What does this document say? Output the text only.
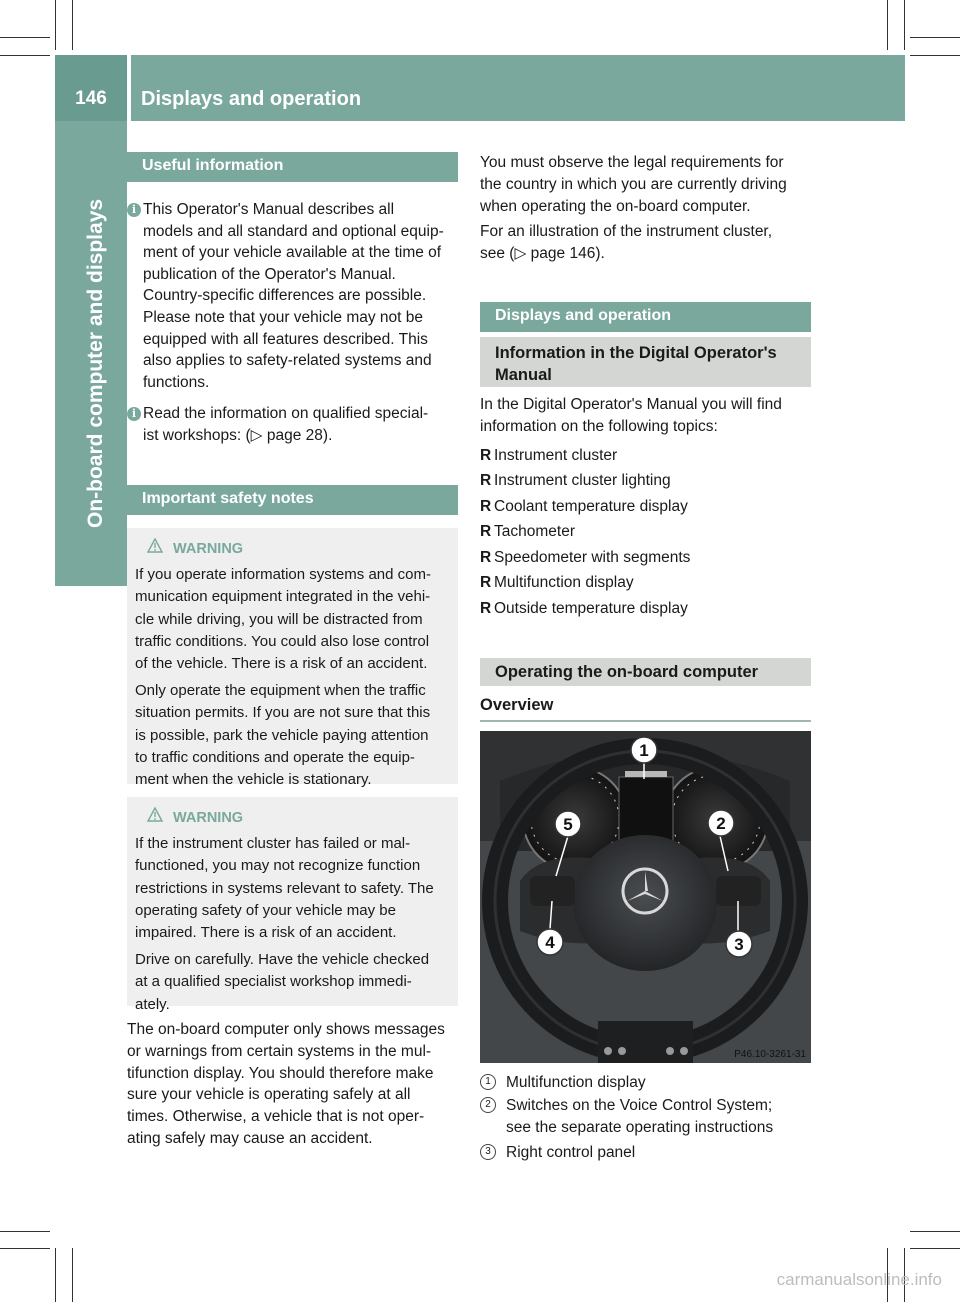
146	Displays and operation
On-board computer and displays
Useful information
i This Operator's Manual describes all
models and all standard and optional equip-
ment of your vehicle available at the time of
publication of the Operator's Manual.
Country-specific differences are possible.
Please note that your vehicle may not be
equipped with all features described. This
also applies to safety-related systems and
functions.
i Read the information on qualified special-
ist workshops: (▷ page 28).
Important safety notes
WARNING
If you operate information systems and com-
munication equipment integrated in the vehi-
cle while driving, you will be distracted from
traffic conditions. You could also lose control
of the vehicle. There is a risk of an accident.
Only operate the equipment when the traffic
situation permits. If you are not sure that this
is possible, park the vehicle paying attention
to traffic conditions and operate the equip-
ment when the vehicle is stationary.
WARNING
If the instrument cluster has failed or mal-
functioned, you may not recognize function
restrictions in systems relevant to safety. The
operating safety of your vehicle may be
impaired. There is a risk of an accident.
Drive on carefully. Have the vehicle checked
at a qualified specialist workshop immedi-
ately.
The on-board computer only shows messages
or warnings from certain systems in the mul-
tifunction display. You should therefore make
sure your vehicle is operating safely at all
times. Otherwise, a vehicle that is not oper-
ating safely may cause an accident.
You must observe the legal requirements for
the country in which you are currently driving
when operating the on-board computer.
For an illustration of the instrument cluster,
see (▷ page 146).
Displays and operation
Information in the Digital Operator's
Manual
In the Digital Operator's Manual you will find
information on the following topics:
R Instrument cluster
R Instrument cluster lighting
R Coolant temperature display
R Tachometer
R Speedometer with segments
R Multifunction display
R Outside temperature display
Operating the on-board computer
Overview
1
2
3
4
5
P46.10-3261-31
1 Multifunction display
2 Switches on the Voice Control System;
see the separate operating instructions
3 Right control panel
carmanualsonline.info
